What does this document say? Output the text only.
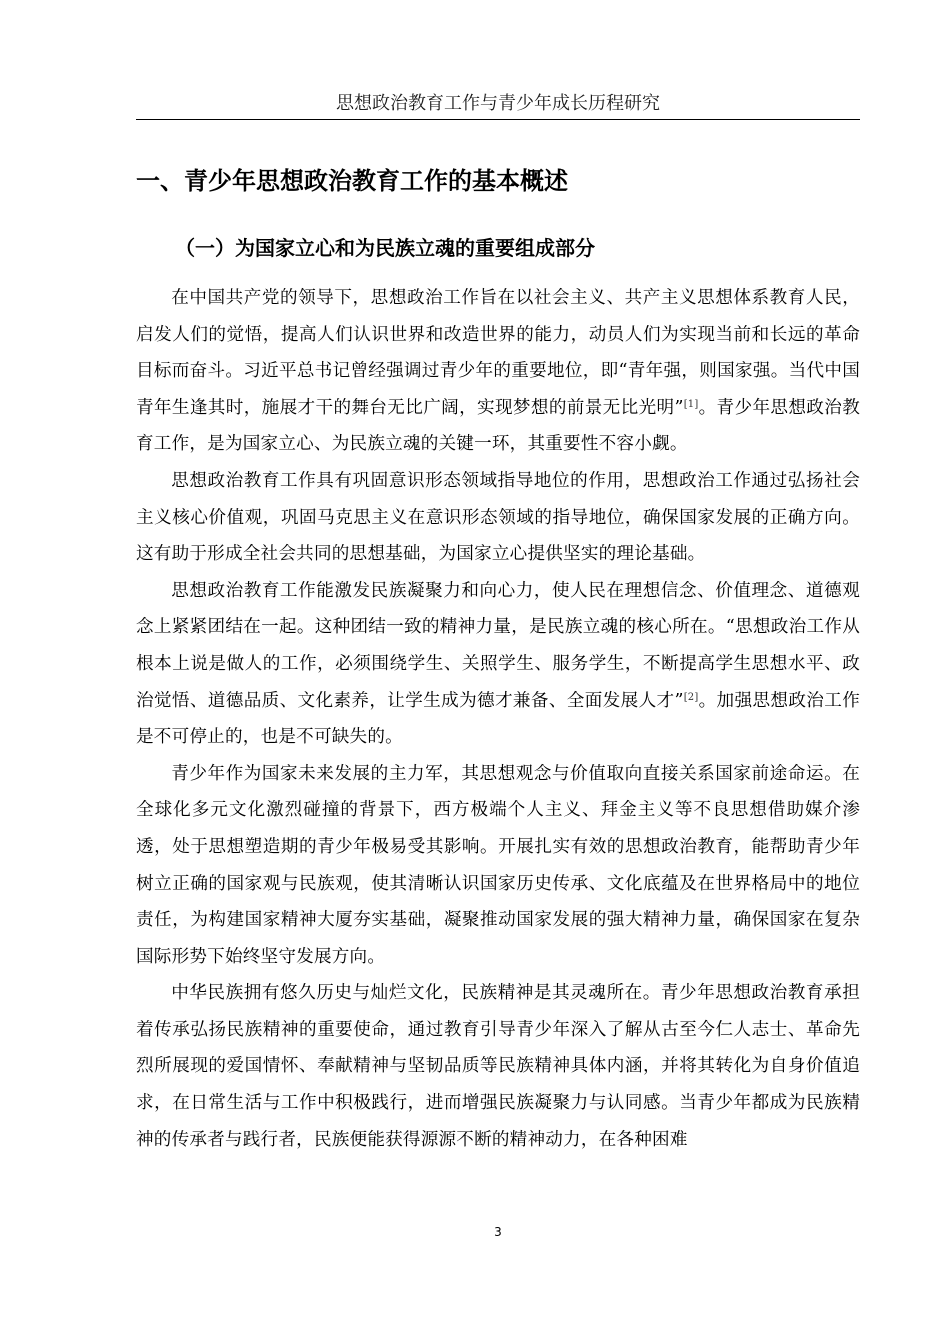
思想政治教育工作与青少年成长历程研究
一、青少年思想政治教育工作的基本概述
（一）为国家立心和为民族立魂的重要组成部分

在中国共产党的领导下，思想政治工作旨在以社会主义、共产主义思想体系教育人民，启发人们的觉悟，提高人们认识世界和改造世界的能力，动员人们为实现当前和长远的革命目标而奋斗。习近平总书记曾经强调过青少年的重要地位，即“青年强，则国家强。当代中国青年生逢其时，施展才干的舞台无比广阔，实现梦想的前景无比光明”[1]。青少年思想政治教育工作，是为国家立心、为民族立魂的关键一环，其重要性不容小觑。

思想政治教育工作具有巩固意识形态领域指导地位的作用，思想政治工作通过弘扬社会主义核心价值观，巩固马克思主义在意识形态领域的指导地位，确保国家发展的正确方向。这有助于形成全社会共同的思想基础，为国家立心提供坚实的理论基础。

思想政治教育工作能激发民族凝聚力和向心力，使人民在理想信念、价值理念、道德观念上紧紧团结在一起。这种团结一致的精神力量，是民族立魂的核心所在。“思想政治工作从根本上说是做人的工作，必须围绕学生、关照学生、服务学生，不断提高学生思想水平、政治觉悟、道德品质、文化素养，让学生成为德才兼备、全面发展人才”[2]。加强思想政治工作是不可停止的，也是不可缺失的。

青少年作为国家未来发展的主力军，其思想观念与价值取向直接关系国家前途命运。在全球化多元文化激烈碰撞的背景下，西方极端个人主义、拜金主义等不良思想借助媒介渗透，处于思想塑造期的青少年极易受其影响。开展扎实有效的思想政治教育，能帮助青少年树立正确的国家观与民族观，使其清晰认识国家历史传承、文化底蕴及在世界格局中的地位责任，为构建国家精神大厦夯实基础，凝聚推动国家发展的强大精神力量，确保国家在复杂国际形势下始终坚守发展方向。

中华民族拥有悠久历史与灿烂文化，民族精神是其灵魂所在。青少年思想政治教育承担着传承弘扬民族精神的重要使命，通过教育引导青少年深入了解从古至今仁人志士、革命先烈所展现的爱国情怀、奉献精神与坚韧品质等民族精神具体内涵，并将其转化为自身价值追求，在日常生活与工作中积极践行，进而增强民族凝聚力与认同感。当青少年都成为民族精神的传承者与践行者，民族便能获得源源不断的精神动力，在各种困难

3
